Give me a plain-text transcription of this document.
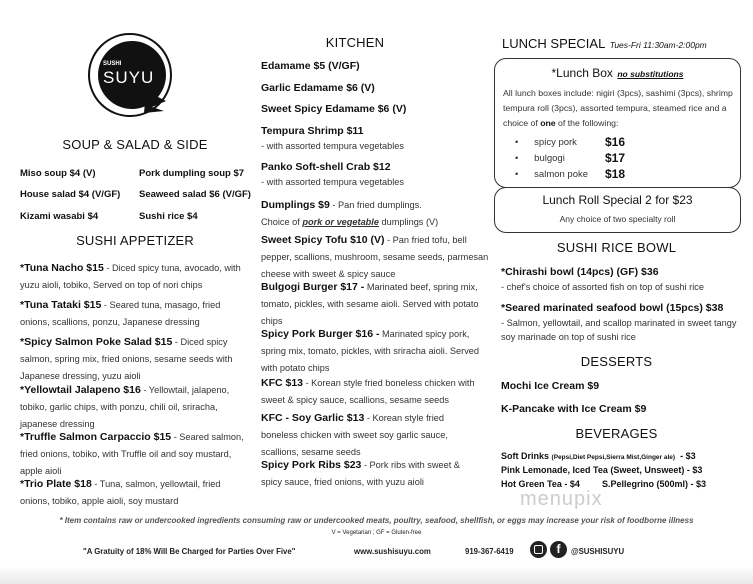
SUSHI
SUYU
SOUP & SALAD & SIDE
Miso soup $4 (V)	Pork dumpling soup $7
House salad $4 (V/GF) Seaweed salad $6 (V/GF)
Kizami wasabi $4	Sushi rice $4
SUSHI APPETIZER
*Tuna Nacho $15 - Diced spicy tuna, avocado, with yuzu aioli, tobiko, Served on top of nori chips
*Tuna Tataki $15 - Seared tuna, masago, fried onions, scallions, ponzu, Japanese dressing
*Spicy Salmon Poke Salad $15 - Diced spicy salmon, spring mix, fried onions, sesame seeds with Japanese dressing, yuzu aioli
*Yellowtail Jalapeno $16 - Yellowtail, jalapeno, tobiko, garlic chips, with ponzu, chili oil, sriracha, japanese dressing
*Truffle Salmon Carpaccio $15 - Seared salmon, fried onions, tobiko, with Truffle oil and soy mustard, apple aioli
*Trio Plate $18 - Tuna, salmon, yellowtail, fried onions, tobiko, apple aioli, soy mustard
KITCHEN
Edamame $5 (V/GF)
Garlic Edamame $6 (V)
Sweet Spicy Edamame $6 (V)
Tempura Shrimp $11
- with assorted tempura vegetables
Panko Soft-shell Crab $12
- with assorted tempura vegetables
Dumplings $9 - Pan fried dumplings.
Choice of pork or vegetable dumplings (V)
Sweet Spicy Tofu $10 (V) - Pan fried tofu, bell pepper, scallions, mushroom, sesame seeds, parmesan cheese with sweet & spicy sauce
Bulgogi Burger $17 - Marinated beef, spring mix, tomato, pickles, with sesame aioli. Served with potato chips
Spicy Pork Burger $16 - Marinated spicy pork, spring mix, tomato, pickles, with sriracha aioli. Served with potato chips
KFC $13 - Korean style fried boneless chicken with sweet & spicy sauce, scallions, sesame seeds
KFC - Soy Garlic $13 - Korean style fried boneless chicken with sweet soy garlic sauce, scallions, sesame seeds
Spicy Pork Ribs $23 - Pork ribs with sweet & spicy sauce, fried onions, with yuzu aioli
LUNCH SPECIAL Tues-Fri 11:30am-2:00pm
*Lunch Box no substitutions
All lunch boxes include: nigiri (3pcs), sashimi (3pcs), shrimp tempura roll (3pcs), assorted tempura, steamed rice and a choice of one of the following:
•      spicy pork $16
•      bulgogi	$17
•      salmon poke $18
Lunch Roll Special 2 for $23
Any choice of two specialty roll
SUSHI RICE BOWL
*Chirashi bowl (14pcs) (GF) $36
- chef's choice of assorted fish on top of sushi rice
*Seared marinated seafood bowl (15pcs) $38
- Salmon, yellowtail, and scallop marinated in sweet tangy soy marinade on top of sushi rice
DESSERTS
Mochi Ice Cream $9
K-Pancake with Ice Cream $9
BEVERAGES
Soft Drinks (Pepsi,Diet Pepsi,Sierra Mist,Ginger ale) - $3
Pink Lemonade, Iced Tea (Sweet, Unsweet) - $3
Hot Green Tea - $4 S.Pellegrino (500ml) - $3
menupix
* Item contains raw or undercooked ingredients consuming raw or undercooked meats, poultry, seafood, shellfish, or eggs may increase your risk of foodborne illness
V = Vegetarian ; GF = Gluten-free
"A Gratuity of 18% Will Be Charged for Parties Over Five"	www.sushisuyu.com	919-367-6419	f	@SUSHISUYU
